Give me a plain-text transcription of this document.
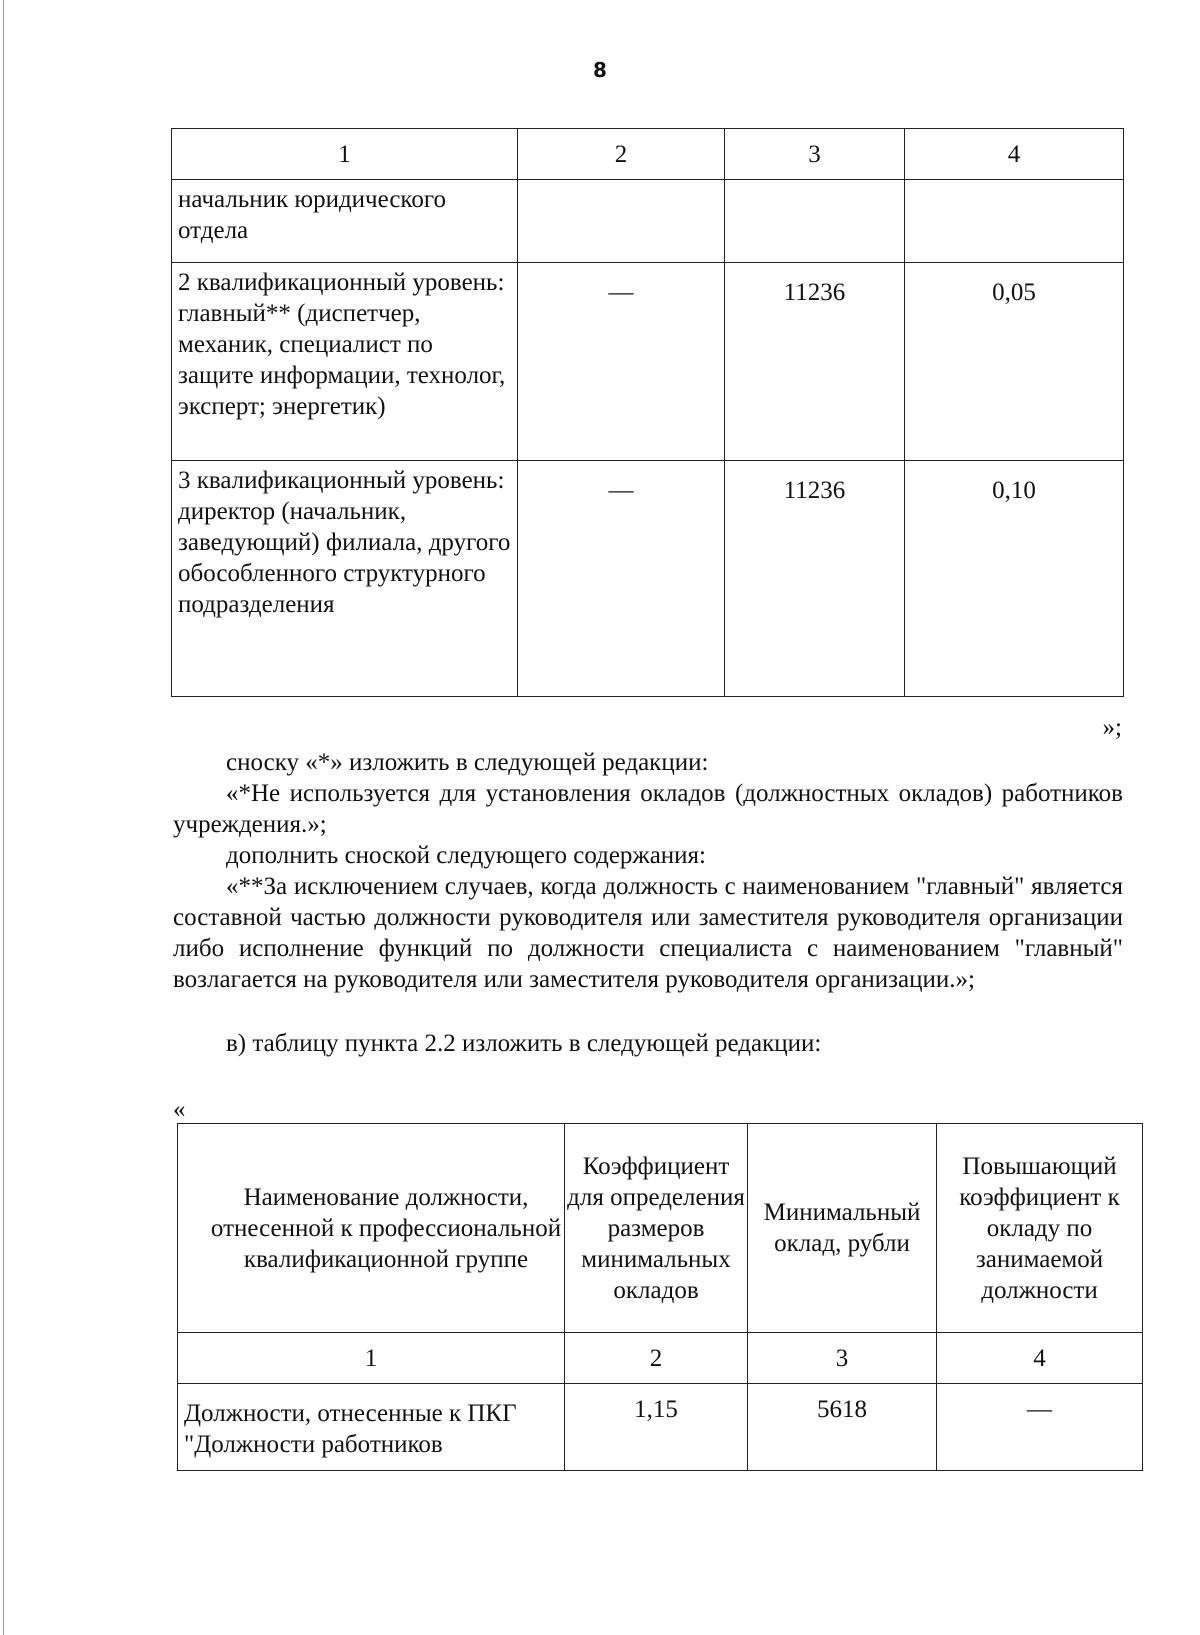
8
1	2	3	4
начальник юридического отдела			
2 квалификационный уровень: главный** (диспетчер, механик, специалист по защите информации, технолог, эксперт; энергетик)	—	11236	0,05
3 квалификационный уровень: директор (начальник, заведующий) филиала, другого обособленного структурного подразделения	—	11236	0,10
»;
сноску «*» изложить в следующей редакции:
«*Не используется для установления окладов (должностных окладов) работников учреждения.»;
дополнить сноской следующего содержания:
«**За исключением случаев, когда должность с наименованием "главный" является составной частью должности руководителя или заместителя руководителя организации либо исполнение функций по должности специалиста с наименованием "главный" возлагается на руководителя или заместителя руководителя организации.»;
в) таблицу пункта 2.2 изложить в следующей редакции:
«
Наименование должности, отнесенной к профессиональной квалификационной группе	Коэффициент для определения размеров минимальных окладов	Минимальный оклад, рубли	Повышающий коэффициент к окладу по занимаемой должности
1	2	3	4
Должности, отнесенные к ПКГ "Должности работников	1,15	5618	—
